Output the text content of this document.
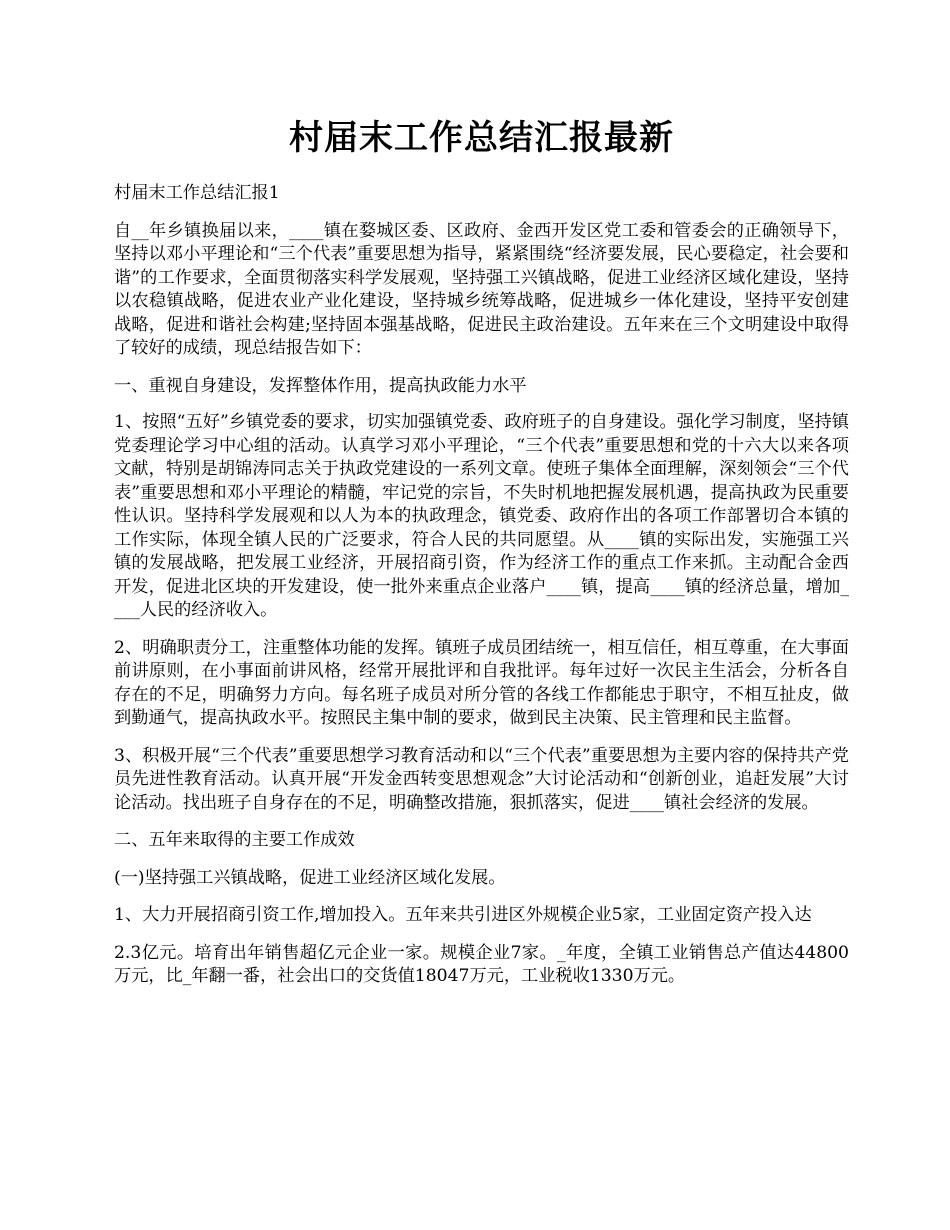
村届末工作总结汇报最新

村届末工作总结汇报1

自__年乡镇换届以来，____镇在婺城区委、区政府、金西开发区党工委和管委会的正确领导下，坚持以邓小平理论和“三个代表”重要思想为指导，紧紧围绕“经济要发展，民心要稳定，社会要和谐”的工作要求，全面贯彻落实科学发展观，坚持强工兴镇战略，促进工业经济区域化建设，坚持以农稳镇战略，促进农业产业化建设，坚持城乡统筹战略，促进城乡一体化建设，坚持平安创建战略，促进和谐社会构建;坚持固本强基战略，促进民主政治建设。五年来在三个文明建设中取得了较好的成绩，现总结报告如下：

一、重视自身建设，发挥整体作用，提高执政能力水平

1、按照“五好”乡镇党委的要求，切实加强镇党委、政府班子的自身建设。强化学习制度，坚持镇党委理论学习中心组的活动。认真学习邓小平理论，“三个代表”重要思想和党的十六大以来各项文献，特别是胡锦涛同志关于执政党建设的一系列文章。使班子集体全面理解，深刻领会“三个代表”重要思想和邓小平理论的精髓，牢记党的宗旨，不失时机地把握发展机遇，提高执政为民重要性认识。坚持科学发展观和以人为本的执政理念，镇党委、政府作出的各项工作部署切合本镇的工作实际，体现全镇人民的广泛要求，符合人民的共同愿望。从____镇的实际出发，实施强工兴镇的发展战略，把发展工业经济，开展招商引资，作为经济工作的重点工作来抓。主动配合金西开发，促进北区块的开发建设，使一批外来重点企业落户____镇，提高____镇的经济总量，增加____人民的经济收入。

2、明确职责分工，注重整体功能的发挥。镇班子成员团结统一，相互信任，相互尊重，在大事面前讲原则，在小事面前讲风格，经常开展批评和自我批评。每年过好一次民主生活会，分析各自存在的不足，明确努力方向。每名班子成员对所分管的各线工作都能忠于职守，不相互扯皮，做到勤通气，提高执政水平。按照民主集中制的要求，做到民主决策、民主管理和民主监督。

3、积极开展“三个代表”重要思想学习教育活动和以“三个代表”重要思想为主要内容的保持共产党员先进性教育活动。认真开展“开发金西转变思想观念”大讨论活动和“创新创业，追赶发展”大讨论活动。找出班子自身存在的不足，明确整改措施，狠抓落实，促进____镇社会经济的发展。

二、五年来取得的主要工作成效

(一)坚持强工兴镇战略，促进工业经济区域化发展。

1、大力开展招商引资工作,增加投入。五年来共引进区外规模企业5家，工业固定资产投入达

2.3亿元。培育出年销售超亿元企业一家。规模企业7家。_年度，全镇工业销售总产值达44800万元，比_年翻一番，社会出口的交货值18047万元，工业税收1330万元。
